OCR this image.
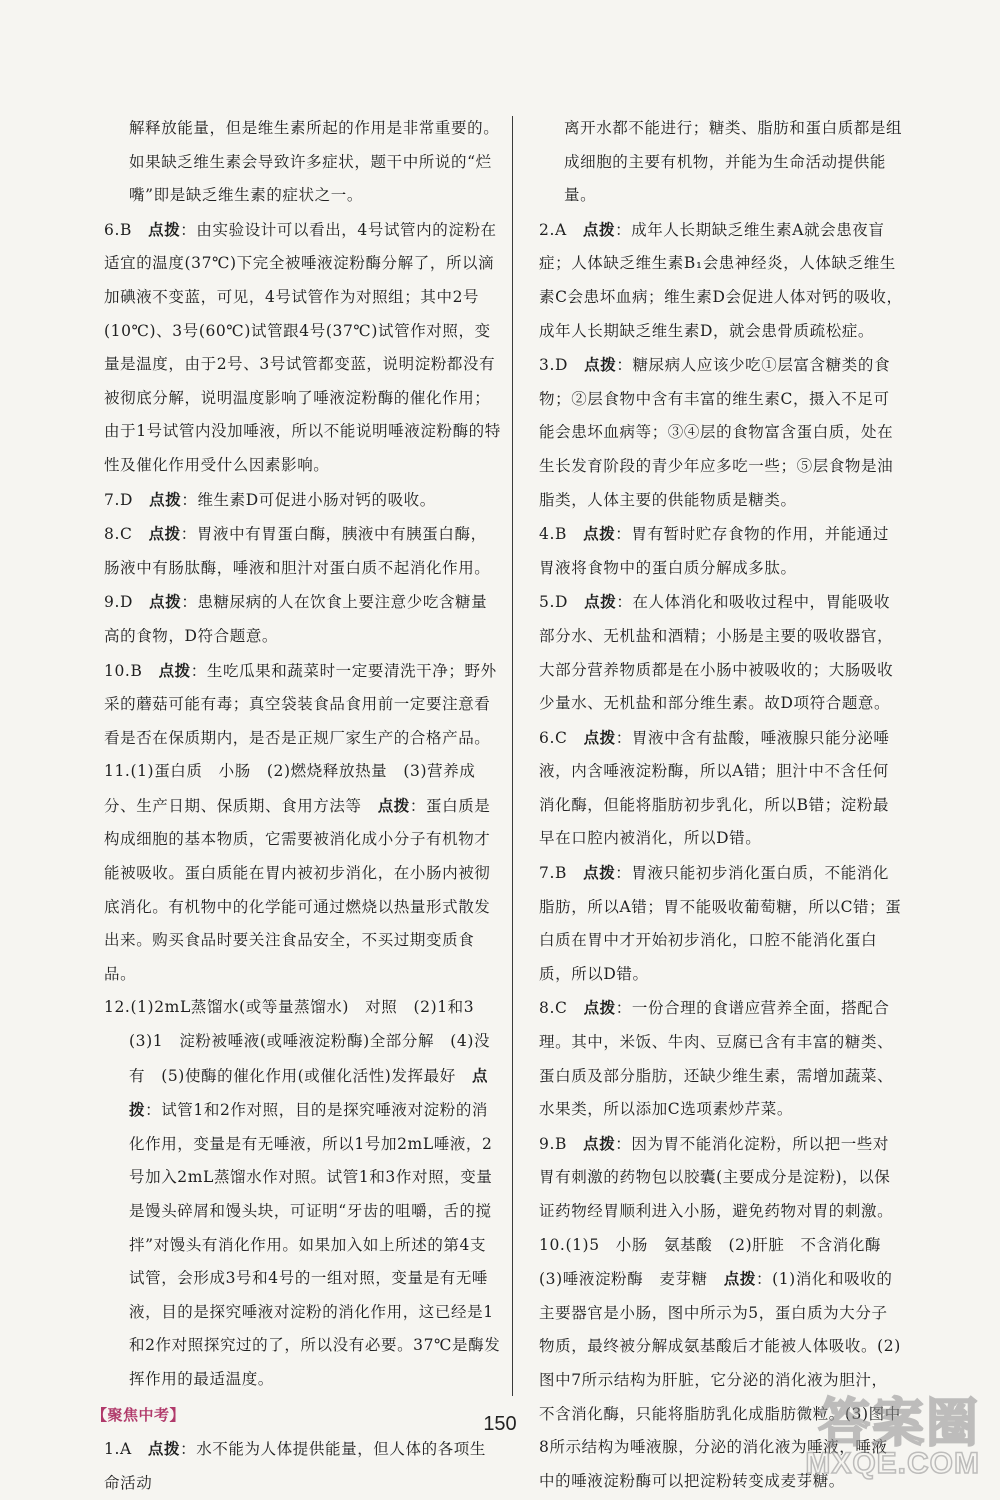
解释放能量，但是维生素所起的作用是非常重要的。如果缺乏维生素会导致许多症状，题干中所说的“烂嘴”即是缺乏维生素的症状之一。

6.B　 点拨：由实验设计可以看出，4号试管内的淀粉在适宜的温度(37℃)下完全被唾液淀粉酶分解了，所以滴加碘液不变蓝，可见，4号试管作为对照组；其中2号(10℃)、3号(60℃)试管跟4号(37℃)试管作对照，变量是温度，由于2号、3号试管都变蓝，说明淀粉都没有被彻底分解，说明温度影响了唾液淀粉酶的催化作用；由于1号试管内没加唾液，所以不能说明唾液淀粉酶的特性及催化作用受什么因素影响。

7.D　 点拨：维生素D可促进小肠对钙的吸收。

8.C　 点拨：胃液中有胃蛋白酶，胰液中有胰蛋白酶，肠液中有肠肽酶，唾液和胆汁对蛋白质不起消化作用。

9.D　 点拨：患糖尿病的人在饮食上要注意少吃含糖量高的食物，D符合题意。

10.B　 点拨：生吃瓜果和蔬菜时一定要清洗干净；野外采的蘑菇可能有毒；真空袋装食品食用前一定要注意看看是否在保质期内，是否是正规厂家生产的合格产品。

11.(1)蛋白质　小肠　(2)燃烧释放热量　(3)营养成分、生产日期、保质期、食用方法等　点拨：蛋白质是构成细胞的基本物质，它需要被消化成小分子有机物才能被吸收。蛋白质能在胃内被初步消化，在小肠内被彻底消化。有机物中的化学能可通过燃烧以热量形式散发出来。购买食品时要关注食品安全，不买过期变质食品。

12.(1)2mL蒸馏水(或等量蒸馏水)　对照　(2)1和3

(3)1　淀粉被唾液(或唾液淀粉酶)全部分解　(4)没有　(5)使酶的催化作用(或催化活性)发挥最好　点拨：试管1和2作对照，目的是探究唾液对淀粉的消化作用，变量是有无唾液，所以1号加2mL唾液，2号加入2mL蒸馏水作对照。试管1和3作对照，变量是馒头碎屑和馒头块，可证明“牙齿的咀嚼，舌的搅拌”对馒头有消化作用。如果加入如上所述的第4支试管，会形成3号和4号的一组对照，变量是有无唾液，目的是探究唾液对淀粉的消化作用，这已经是1和2作对照探究过的了，所以没有必要。37℃是酶发挥作用的最适温度。

【聚焦中考】

1.A　 点拨：水不能为人体提供能量，但人体的各项生命活动

离开水都不能进行；糖类、脂肪和蛋白质都是组成细胞的主要有机物，并能为生命活动提供能量。

2.A　 点拨：成年人长期缺乏维生素A就会患夜盲症；人体缺乏维生素B₁会患神经炎，人体缺乏维生素C会患坏血病；维生素D会促进人体对钙的吸收，成年人长期缺乏维生素D，就会患骨质疏松症。

3.D　 点拨：糖尿病人应该少吃①层富含糖类的食物；②层食物中含有丰富的维生素C，摄入不足可能会患坏血病等；③④层的食物富含蛋白质，处在生长发育阶段的青少年应多吃一些；⑤层食物是油脂类，人体主要的供能物质是糖类。

4.B　 点拨：胃有暂时贮存食物的作用，并能通过胃液将食物中的蛋白质分解成多肽。

5.D　 点拨：在人体消化和吸收过程中，胃能吸收部分水、无机盐和酒精；小肠是主要的吸收器官，大部分营养物质都是在小肠中被吸收的；大肠吸收少量水、无机盐和部分维生素。故D项符合题意。

6.C　 点拨：胃液中含有盐酸，唾液腺只能分泌唾液，内含唾液淀粉酶，所以A错；胆汁中不含任何消化酶，但能将脂肪初步乳化，所以B错；淀粉最早在口腔内被消化，所以D错。

7.B　 点拨：胃液只能初步消化蛋白质，不能消化脂肪，所以A错；胃不能吸收葡萄糖，所以C错；蛋白质在胃中才开始初步消化，口腔不能消化蛋白质，所以D错。

8.C　 点拨：一份合理的食谱应营养全面，搭配合理。其中，米饭、牛肉、豆腐已含有丰富的糖类、蛋白质及部分脂肪，还缺少维生素，需增加蔬菜、水果类，所以添加C选项素炒芹菜。

9.B　 点拨：因为胃不能消化淀粉，所以把一些对胃有刺激的药物包以胶囊(主要成分是淀粉)，以保证药物经胃顺利进入小肠，避免药物对胃的刺激。

10.(1)5　小肠　氨基酸　(2)肝脏　不含消化酶　(3)唾液淀粉酶　麦芽糖　点拨：(1)消化和吸收的主要器官是小肠，图中所示为5，蛋白质为大分子物质，最终被分解成氨基酸后才能被人体吸收。(2)图中7所示结构为肝脏，它分泌的消化液为胆汁，不含消化酶，只能将脂肪乳化成脂肪微粒。(3)图中8所示结构为唾液腺，分泌的消化液为唾液，唾液中的唾液淀粉酶可以把淀粉转变成麦芽糖。

150	答案圈
MXQE.COM
